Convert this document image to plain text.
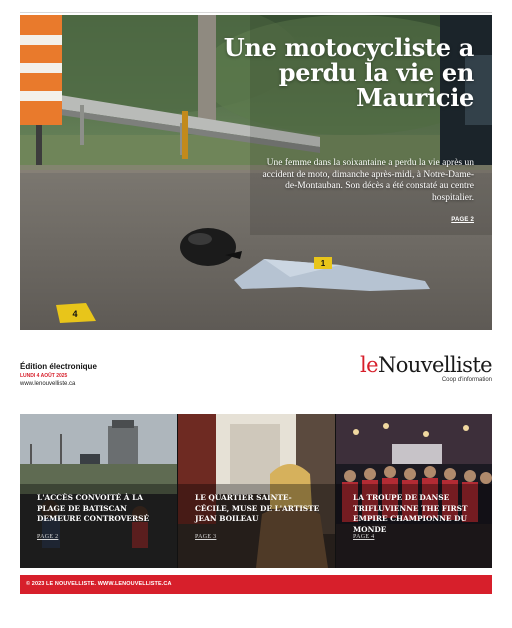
1
4
Une motocycliste a perdu la vie en Mauricie

Une femme dans la soixantaine a perdu la vie après un accident de moto, dimanche après-midi, à Notre-Dame-de-Montauban. Son décès a été constaté au centre hospitalier.

PAGE 2
Édition électronique
LUNDI 4 AOÛT 2025
www.lenouvelliste.ca
leNouvelliste
Coop d'information
L'ACCÈS CONVOITÉ À LA PLAGE DE BATISCAN DEMEURE CONTROVERSÉ
PAGE 2
LE QUARTIER SAINTE-CÉCILE, MUSE DE L'ARTISTE JEAN BOILEAU
PAGE 3
LA TROUPE DE DANSE TRIFLUVIENNE THE FIRST EMPIRE CHAMPIONNE DU MONDE
PAGE 4
© 2023 LE NOUVELLISTE. WWW.LENOUVELLISTE.CA
